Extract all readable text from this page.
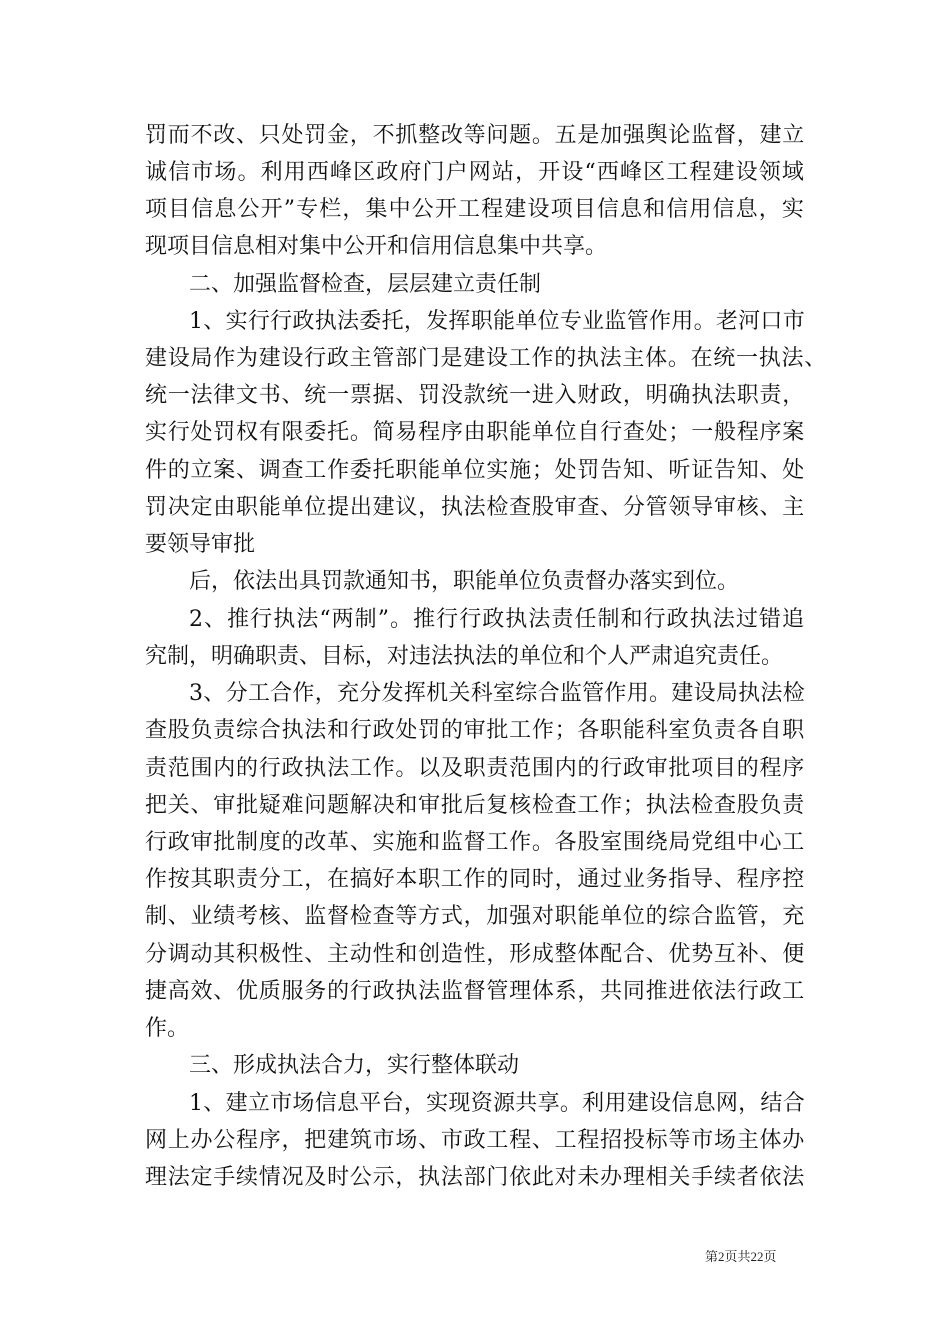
罚而不改、只处罚金，不抓整改等问题。五是加强舆论监督，建立
诚信市场。利用西峰区政府门户网站，开设“西峰区工程建设领域
项目信息公开”专栏，集中公开工程建设项目信息和信用信息，实
现项目信息相对集中公开和信用信息集中共享。
二、加强监督检查，层层建立责任制
1、实行行政执法委托，发挥职能单位专业监管作用。老河口市
建设局作为建设行政主管部门是建设工作的执法主体。在统一执法、
统一法律文书、统一票据、罚没款统一进入财政，明确执法职责，
实行处罚权有限委托。简易程序由职能单位自行查处；一般程序案
件的立案、调查工作委托职能单位实施；处罚告知、听证告知、处
罚决定由职能单位提出建议，执法检查股审查、分管领导审核、主
要领导审批
后，依法出具罚款通知书，职能单位负责督办落实到位。
2、推行执法“两制”。推行行政执法责任制和行政执法过错追
究制，明确职责、目标，对违法执法的单位和个人严肃追究责任。
3、分工合作，充分发挥机关科室综合监管作用。建设局执法检
查股负责综合执法和行政处罚的审批工作；各职能科室负责各自职
责范围内的行政执法工作。以及职责范围内的行政审批项目的程序
把关、审批疑难问题解决和审批后复核检查工作；执法检查股负责
行政审批制度的改革、实施和监督工作。各股室围绕局党组中心工
作按其职责分工，在搞好本职工作的同时，通过业务指导、程序控
制、业绩考核、监督检查等方式，加强对职能单位的综合监管，充
分调动其积极性、主动性和创造性，形成整体配合、优势互补、便
捷高效、优质服务的行政执法监督管理体系，共同推进依法行政工
作。
三、形成执法合力，实行整体联动
1、建立市场信息平台，实现资源共享。利用建设信息网，结合
网上办公程序，把建筑市场、市政工程、工程招投标等市场主体办
理法定手续情况及时公示，执法部门依此对未办理相关手续者依法
第2页共22页
